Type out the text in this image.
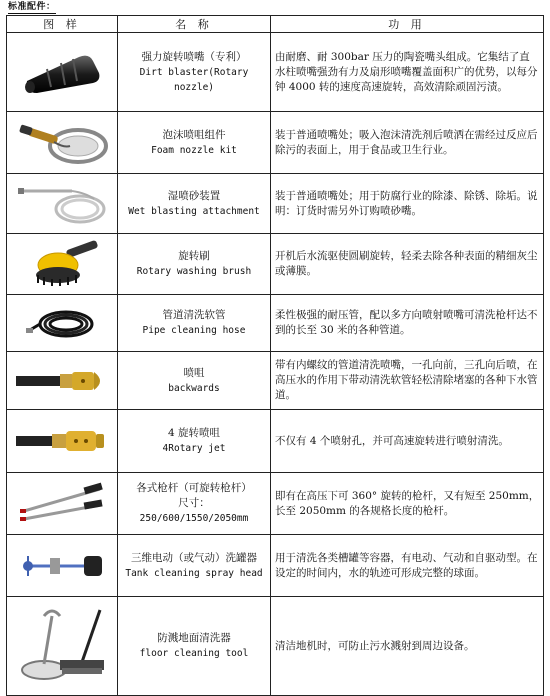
标准配件：
图 样	名 称	功 用

强力旋转喷嘴（专利）
Dirt blaster(Rotary nozzle)	由耐磨、耐 300bar 压力的陶瓷嘴头组成。它集结了直水柱喷嘴强劲有力及扇形喷嘴覆盖面积广的优势，以每分钟 4000 转的速度高速旋转，高效清除顽固污渍。

泡沫喷咀组件
Foam nozzle kit	装于普通喷嘴处；吸入泡沫清洗剂后喷洒在需经过反应后除污的表面上，用于食品或卫生行业。

湿喷砂装置
Wet blasting attachment	装于普通喷嘴处；用于防腐行业的除漆、除锈、除垢。说明：订货时需另外订购喷砂嘴。

旋转刷
Rotary washing brush	开机后水流驱使圆刷旋转，轻柔去除各种表面的精细灰尘或薄膜。

管道清洗软管
Pipe cleaning hose	柔性极强的耐压管，配以多方向喷射喷嘴可清洗枪杆达不到的长至 30 米的各种管道。

喷咀
backwards	带有内螺纹的管道清洗喷嘴，一孔向前，三孔向后喷，在高压水的作用下带动清洗软管轻松清除堵塞的各种下水管道。

4 旋转喷咀
4Rotary jet	不仅有 4 个喷射孔，并可高速旋转进行喷射清洗。

各式枪杆（可旋转枪杆）
尺寸：
250/600/1550/2050mm	即有在高压下可 360° 旋转的枪杆，又有短至 250mm，长至 2050mm 的各规格长度的枪杆。

三维电动（或气动）洗罐器
Tank cleaning spray head	用于清洗各类槽罐等容器，有电动、气动和自驱动型。在设定的时间内，水的轨迹可形成完整的球面。

防溅地面清洗器
floor cleaning tool	清洁地机时，可防止污水溅射到周边设备。
